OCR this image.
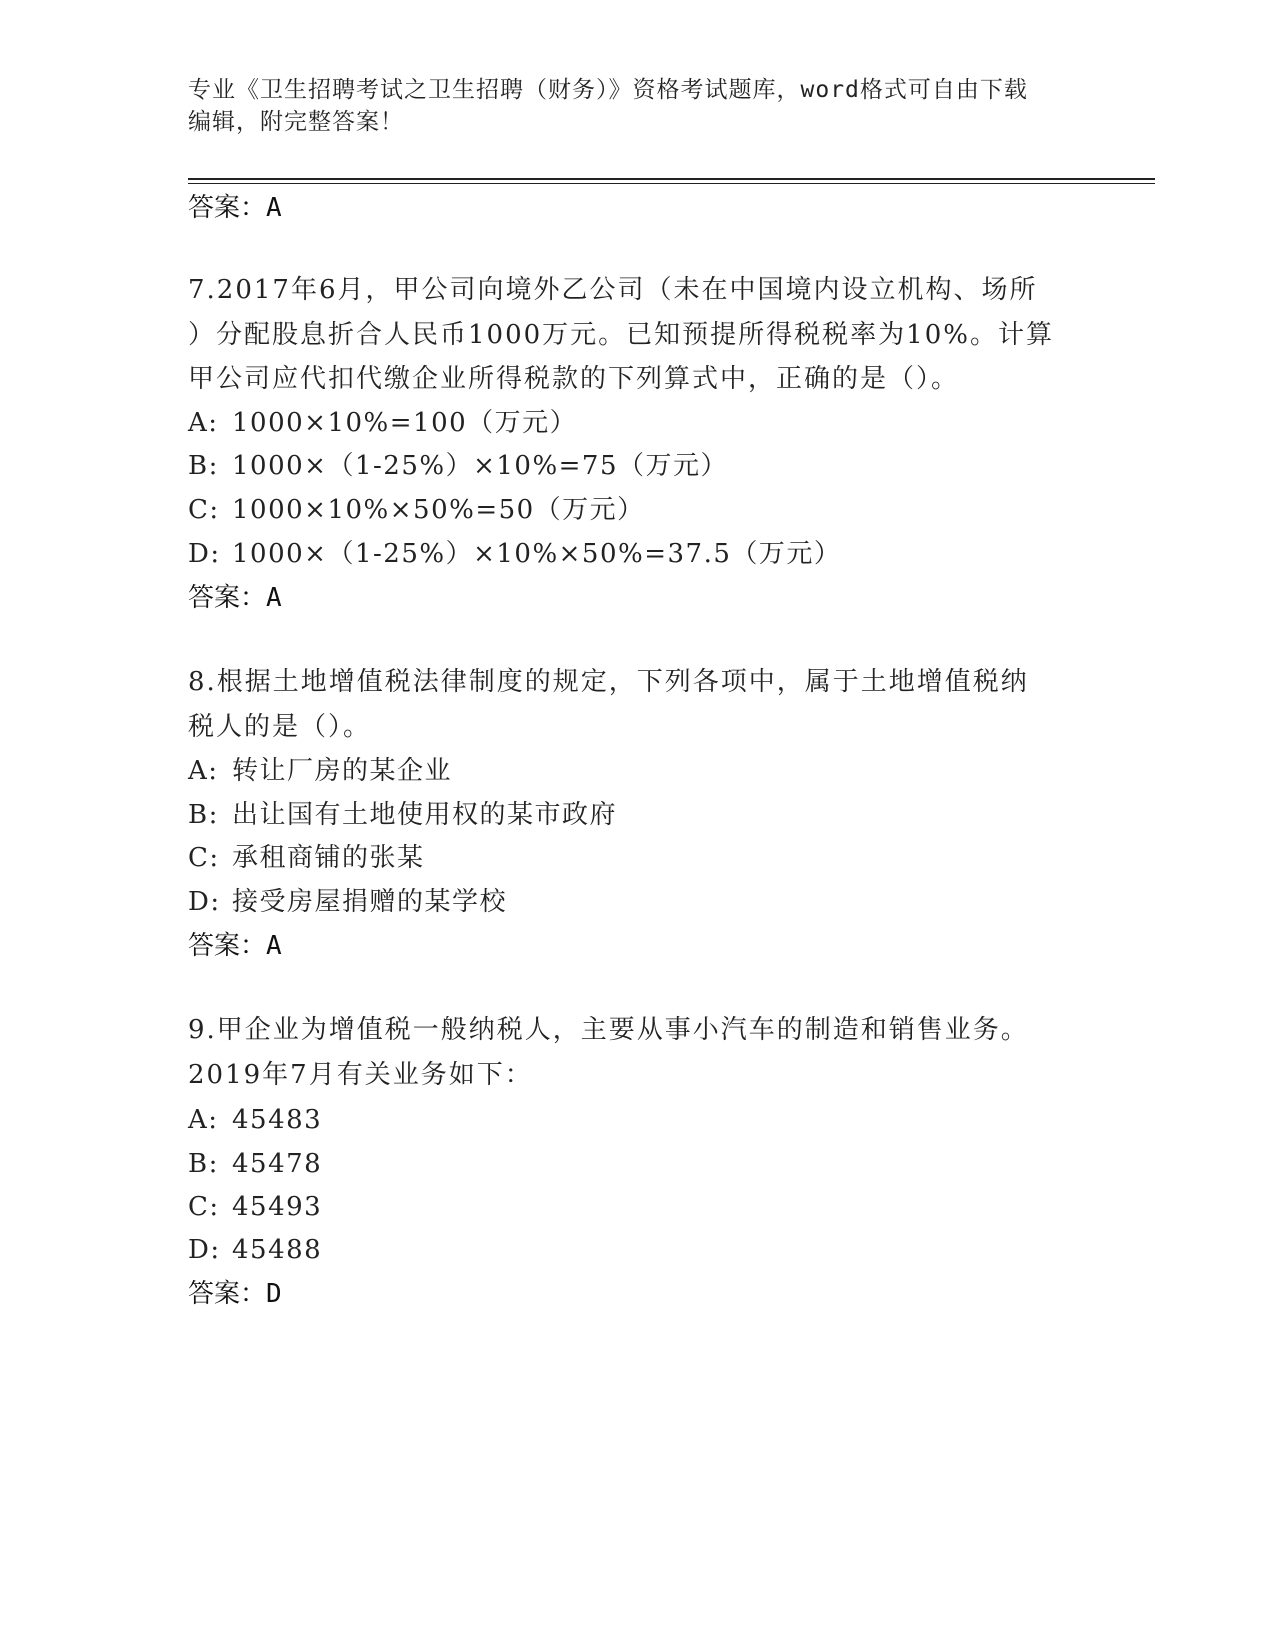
专业《卫生招聘考试之卫生招聘（财务）》资格考试题库，word格式可自由下载
编辑，附完整答案！
答案：A
7.2017年6月，甲公司向境外乙公司（未在中国境内设立机构、场所
）分配股息折合人民币1000万元。已知预提所得税税率为10%。计算
甲公司应代扣代缴企业所得税款的下列算式中，正确的是（）。
A: 1000×10%=100（万元）
B: 1000×（1-25%）×10%=75（万元）
C: 1000×10%×50%=50（万元）
D: 1000×（1-25%）×10%×50%=37.5（万元）
答案：A
8.根据土地增值税法律制度的规定，下列各项中，属于土地增值税纳
税人的是（）。
A: 转让厂房的某企业
B: 出让国有土地使用权的某市政府
C: 承租商铺的张某
D: 接受房屋捐赠的某学校
答案：A
9.甲企业为增值税一般纳税人，主要从事小汽车的制造和销售业务。
2019年7月有关业务如下：
A: 45483
B: 45478
C: 45493
D: 45488
答案：D
